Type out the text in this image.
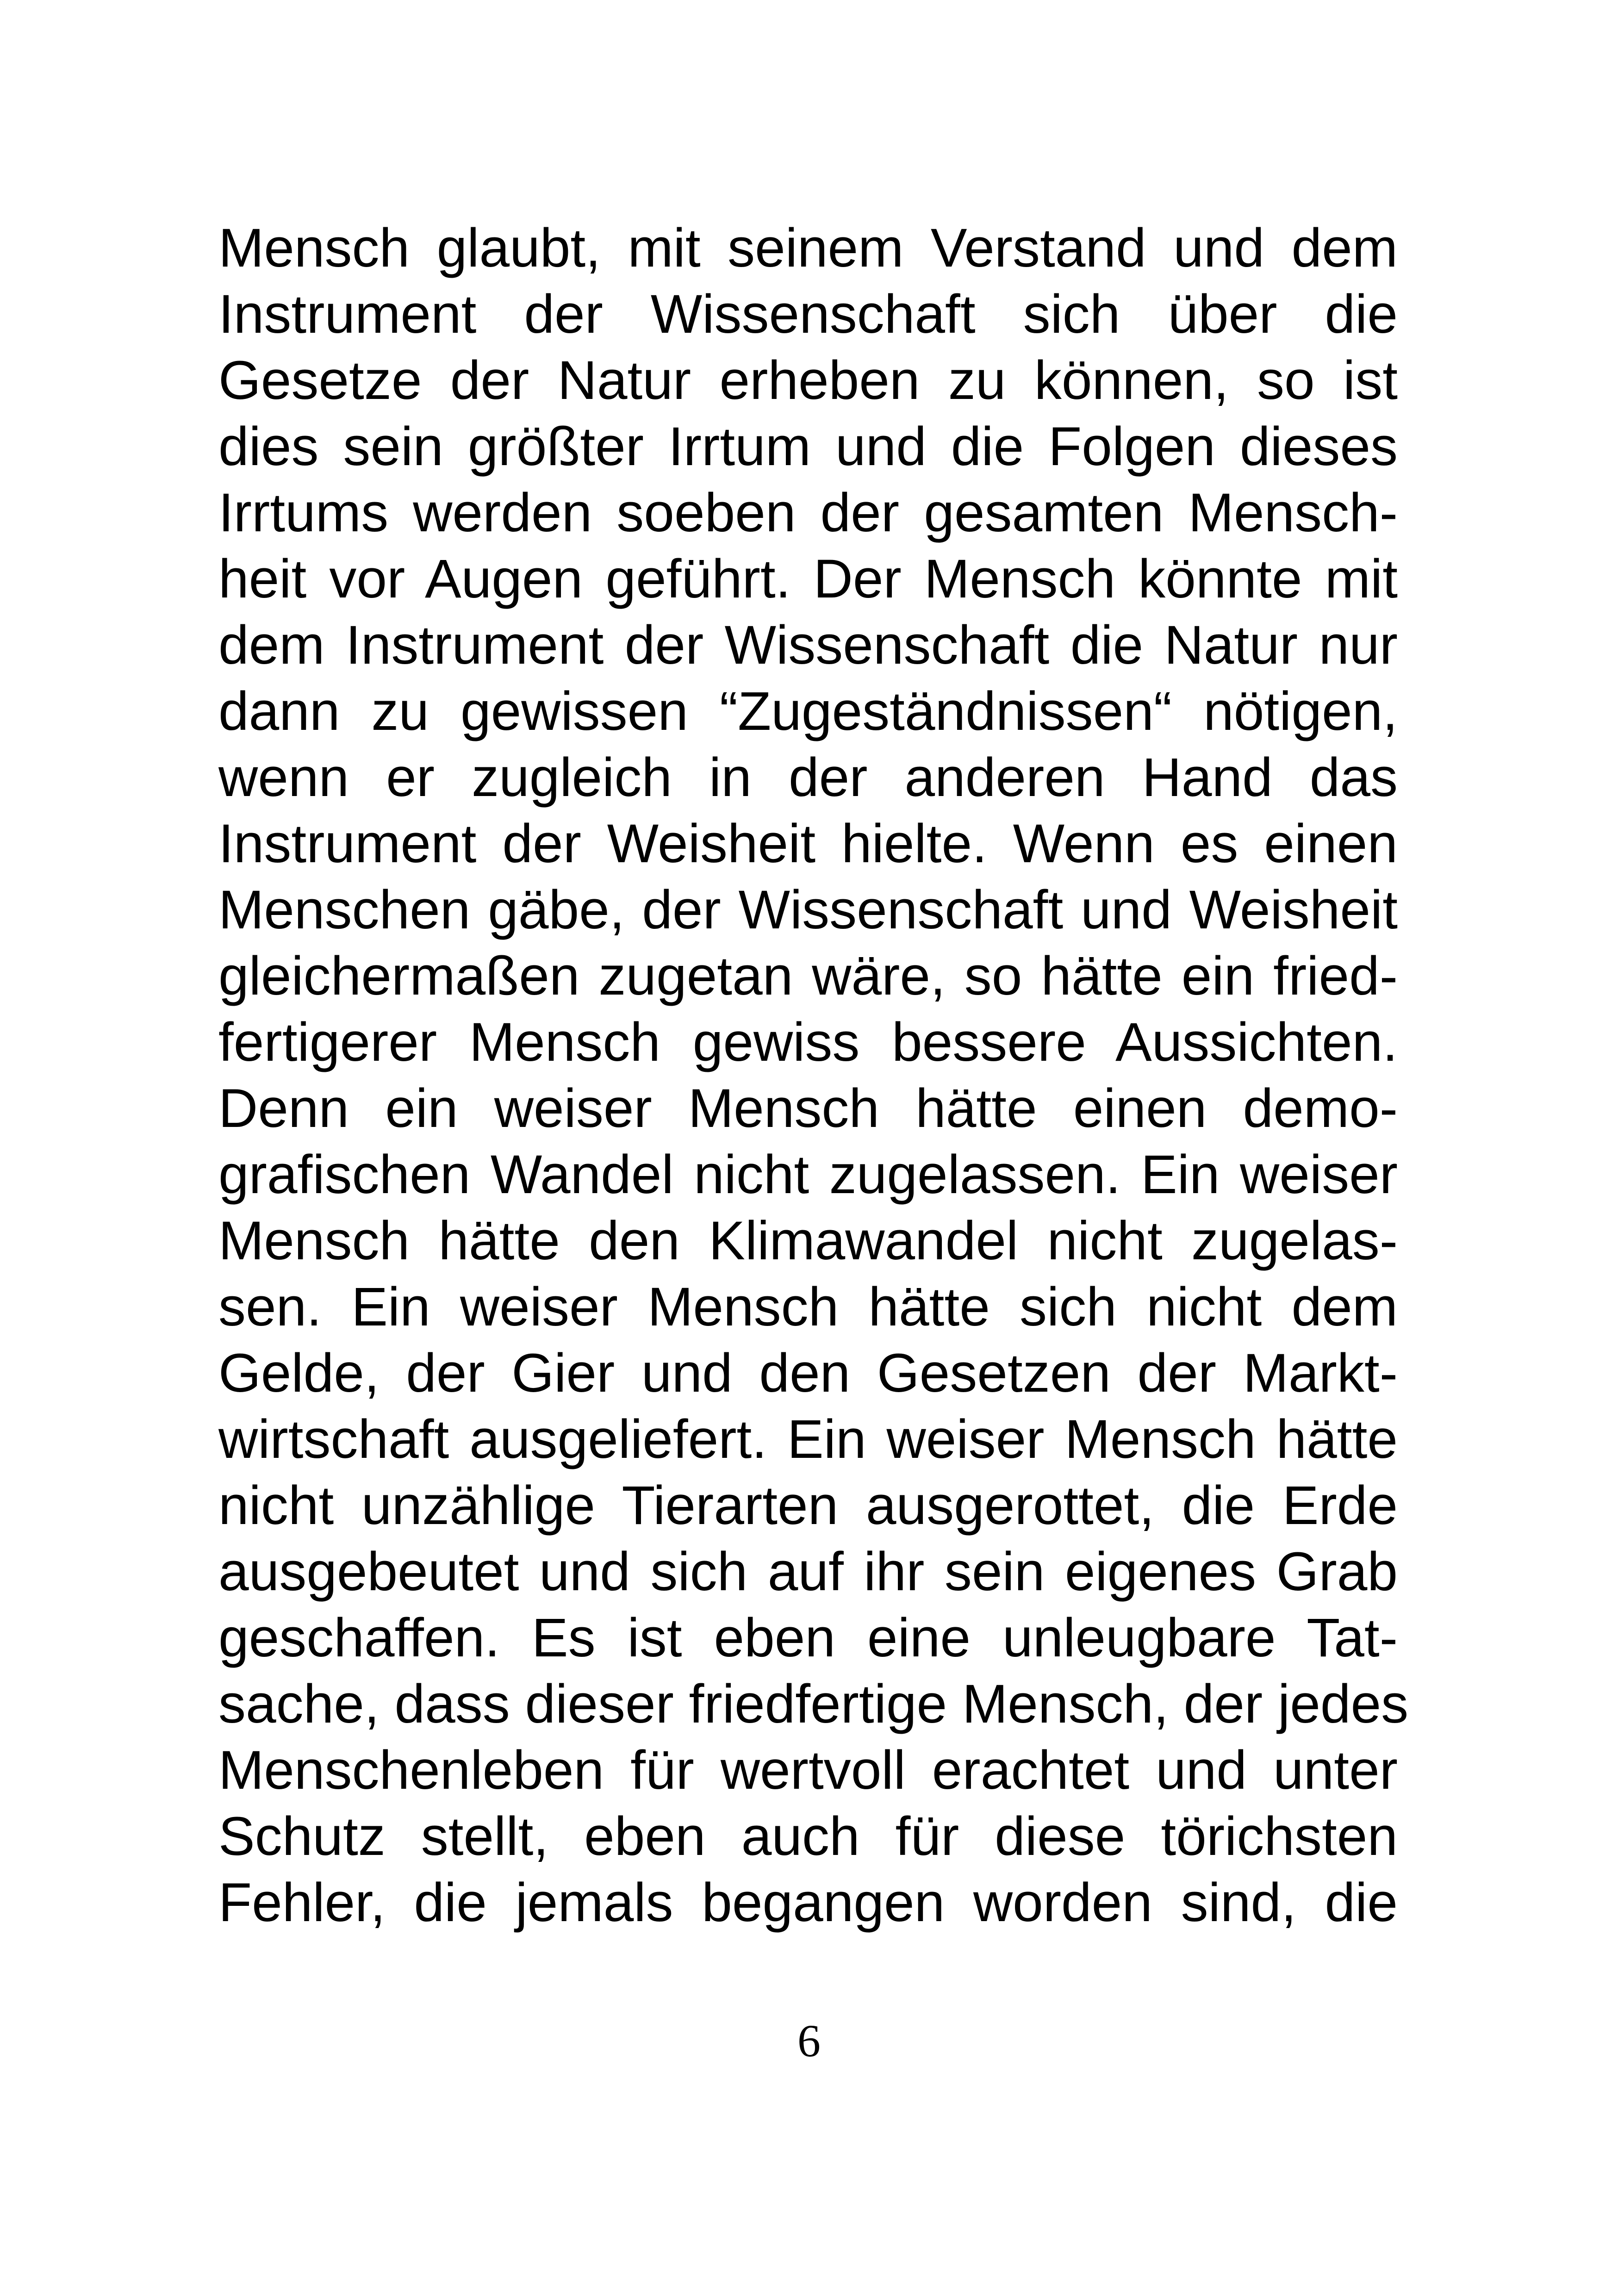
Mensch glaubt, mit seinem Verstand und dem
Instrument der Wissenschaft sich über die
Gesetze der Natur erheben zu können, so ist
dies sein größter Irrtum und die Folgen dieses
Irrtums werden soeben der gesamten Mensch-
heit vor Augen geführt. Der Mensch könnte mit
dem Instrument der Wissenschaft die Natur nur
dann zu gewissen “Zugeständnissen“ nötigen,
wenn er zugleich in der anderen Hand das
Instrument der Weisheit hielte. Wenn es einen
Menschen gäbe, der Wissenschaft und Weisheit
gleichermaßen zugetan wäre, so hätte ein fried-
fertigerer Mensch gewiss bessere Aussichten.
Denn ein weiser Mensch hätte einen demo-
grafischen Wandel nicht zugelassen. Ein weiser
Mensch hätte den Klimawandel nicht zugelas-
sen. Ein weiser Mensch hätte sich nicht dem
Gelde, der Gier und den Gesetzen der Markt-
wirtschaft ausgeliefert. Ein weiser Mensch hätte
nicht unzählige Tierarten ausgerottet, die Erde
ausgebeutet und sich auf ihr sein eigenes Grab
geschaffen. Es ist eben eine unleugbare Tat-
sache, dass dieser friedfertige Mensch, der jedes
Menschenleben für wertvoll erachtet und unter
Schutz stellt, eben auch für diese törichsten
Fehler, die jemals begangen worden sind, die
6
